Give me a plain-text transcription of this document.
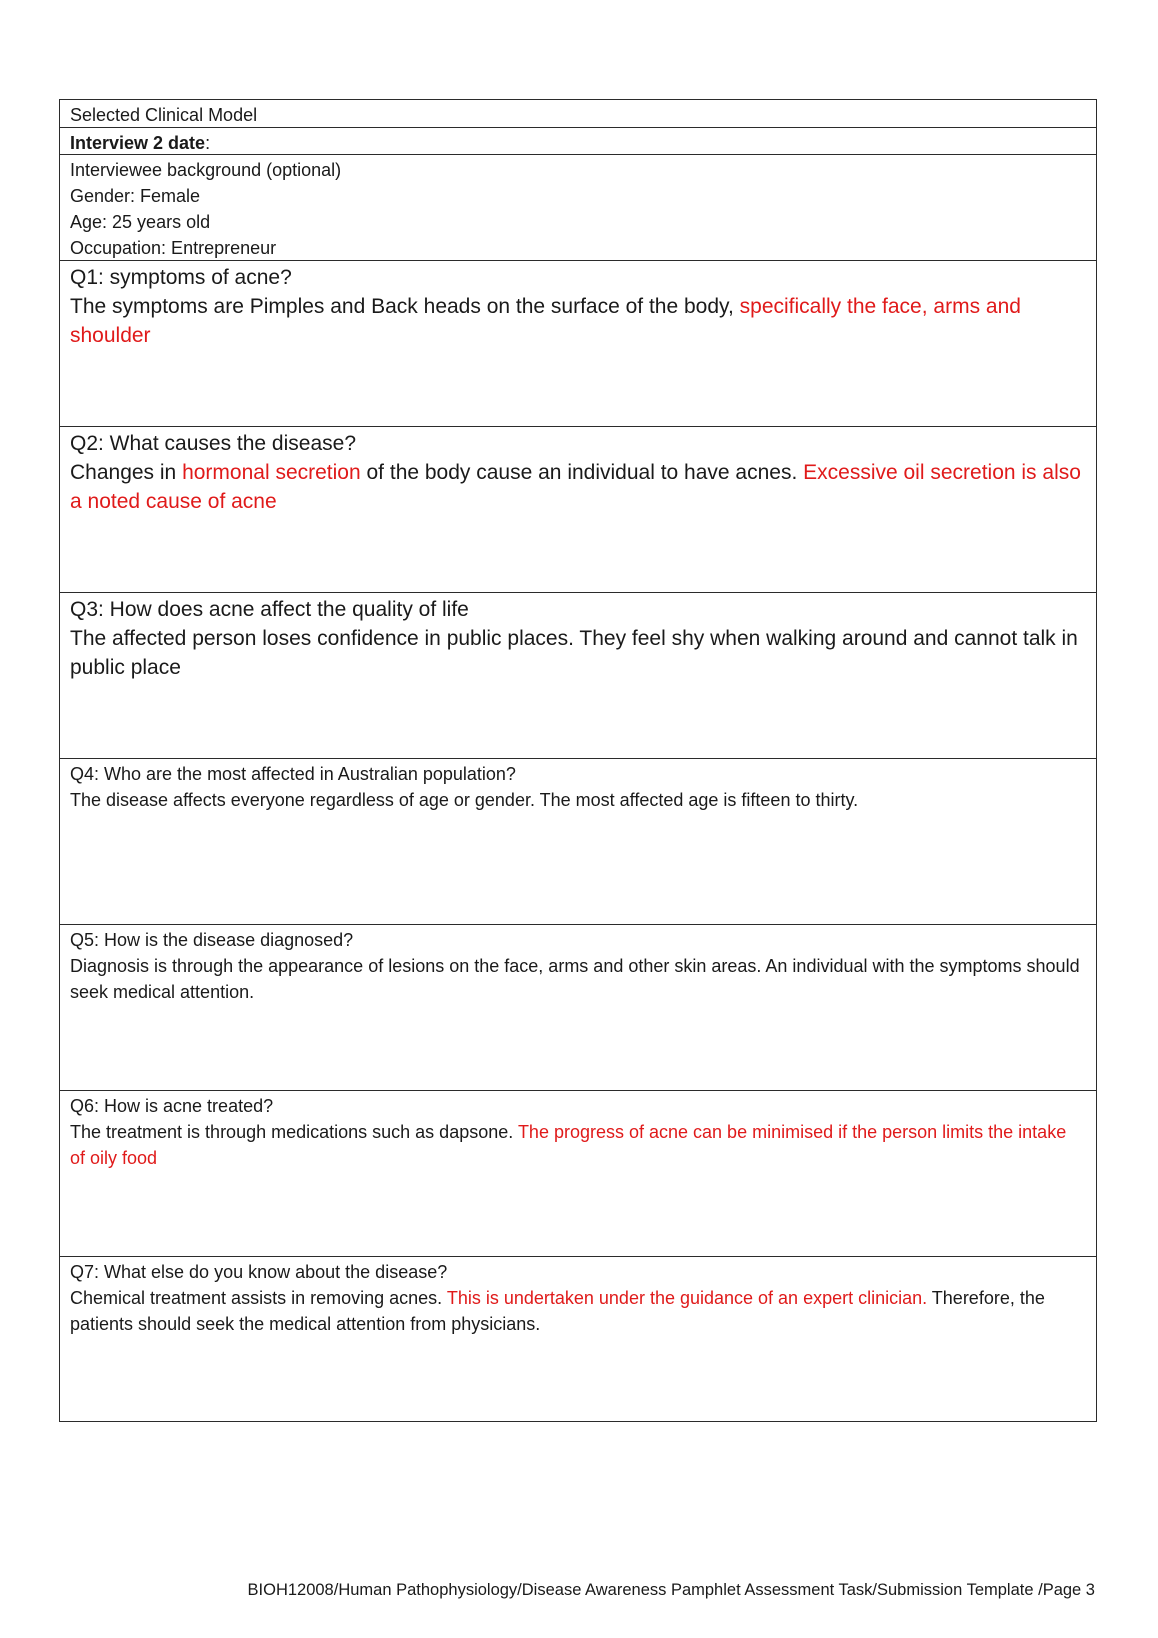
Selected Clinical Model
Interview 2 date:
Interviewee background (optional)
Gender: Female
Age: 25 years old
Occupation: Entrepreneur
Q1: symptoms of acne?
The symptoms are Pimples and Back heads on the surface of the body, specifically the face, arms and shoulder
Q2: What causes the disease?
Changes in hormonal secretion of the body cause an individual to have acnes. Excessive oil secretion is also a noted cause of acne
Q3: How does acne affect the quality of life
The affected person loses confidence in public places. They feel shy when walking around and cannot talk in public place
Q4: Who are the most affected in Australian population?
The disease affects everyone regardless of age or gender. The most affected age is fifteen to thirty.
Q5: How is the disease diagnosed?
Diagnosis is through the appearance of lesions on the face, arms and other skin areas. An individual with the symptoms should seek medical attention.
Q6: How is acne treated?
The treatment is through medications such as dapsone. The progress of acne can be minimised if the person limits the intake of oily food
Q7: What else do you know about the disease?
Chemical treatment assists in removing acnes. This is undertaken under the guidance of an expert clinician. Therefore, the patients should seek the medical attention from physicians.
BIOH12008/Human Pathophysiology/Disease Awareness Pamphlet Assessment Task/Submission Template /Page 3
